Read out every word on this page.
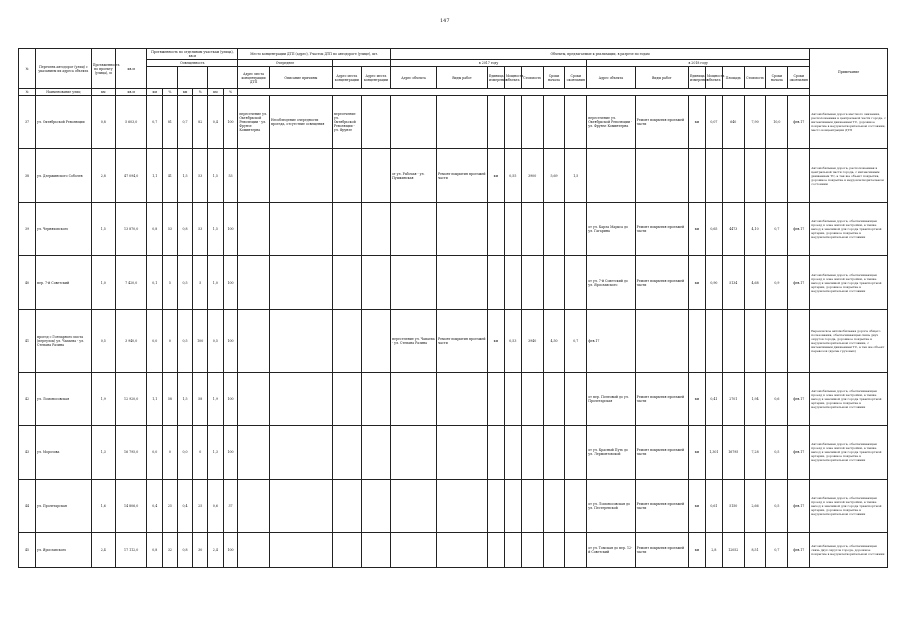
147
№	Перечень автодорог (улиц) с указанием их адреса объекта	Протяженность по проекту (улица), м	кв.м	Протяженность по отдельным участкам (улица), кв.м						Место концентрации ДТП (адрес), Участок ДТП по автодороге (улице), шт.				Объекты, предлагаемые к реализации, в разрезе по годам															Примечание
				Освещенность						Очереднее				в 2017 году							в 2018 году								
										Адрес места концентрации ДТП	Описание причины	Адрес места концентрации	Адрес места концентрации	Адрес объекта	Виды работ	Единица измерения	Мощность объекта	Стоимость	Сроки начала	Сроки окончания	Адрес объекта	Виды работ	Единица измерения	Мощность объекта	Площадь	Стоимость	Сроки начала	Сроки окончания	
№	Наименование улиц	км	кв.м	км	%	км	%	км	%																				
37	ул. Октябрьской Революции	0,8	5 603,0	0,7	81	0,7	82	0,4	100	пересечение ул. Октябрьской Революции - ул. Фрунзе Коминтерна	Несоблюдение очередности проезда, отсутствие освещения	пересечение ул. Октябрьской Революции - ул. Фрунзе									пересечение ул. Октябрьской Революции - ул. Фрунзе Коминтерна	Ремонт покрытия проезжей части	км	0,07	640	7,90	10,0	фев.17	Автомобильная дорога местного значения, расположенная в центральной части города, с интенсивным движением ТС, дорожное покрытие в неудовлетворительном состоянии, место концентрации ДТП
38	ул. Дзержинского Соболев	2,8	47 094,0	1,1	41	1,5	53	1,5	53					от ул. Рабочая - ул. Пушкинская	Ремонт покрытия проезжей части	км	0,55	3900	5,69	1,5									Автомобильная дорога, расположенная в центральной части города, с интенсивным движением ТС, а так же объект покрытия, дорожное покрытие в неудовлетворительном состоянии
39	ул. Черняховского	1,5	13 870,0	0,8	53	0,8	53	1,5	100												от ул. Карла Маркса до ул. Гагарина	Ремонт покрытия проезжей части	км	0,65	4473	4,10	0,7	фев.17	Автомобильная дорога, обеспечивающая проезд к зоне жилой застройки, а также выход к значимой для города транспортной артерии, дорожное покрытие в неудовлетворительном состоянии
40	пер. 7-й Советский	1,0	7 420,0	0,1	5	0,5	5	1,0	100												от ул. 7-й Советский до ул. Ярославского	Ремонт покрытия проезжей части	км	0,90	5134	4,68	0,9	фев.17	Автомобильная дорога, обеспечивающая проезд к зоне жилой застройки, а также выход к значимой для города транспортной артерии, дорожное покрытие в неудовлетворительном состоянии
41	проезд с Гончарного моста (переулок) ул. Чапаева - ул. Степана Разина	0,5	3 940,0	0,0	0	0,5	100	0,5	100					пересечение ул. Чапаева - ул. Степана Разина	Ремонт покрытия проезжей части	км	0,53	3940	4,50	0,7	фев.17								Березовское автомобильная дорога общего пользования, обеспечивающая связь двух округов города, дорожное покрытие в неудовлетворительном состоянии, с интенсивным движением ТС, а так же объект перевозок (кроме грузовых)
42	ул. Ломоносовская	1,9	12 920,0	1,1	58	1,5	58	1,9	100												от пер. Почтовый до ул. Пролетарская	Ремонт покрытия проезжей части	км	0,41	2701	1,94	0,6	фев.17	Автомобильная дорога, обеспечивающая проезд к зоне жилой застройки, а также выход к значимой для города транспортной артерии, дорожное покрытие в неудовлетворительном состоянии
43	ул. Морозова	1,3	16 795,0	0,0	0	0,0	0	1,3	100												от ул. Красный Путь до ул. Лермонтовской	Ремонт покрытия проезжей части	км	1,301	16795	7,28	0,5	фев.17	Автомобильная дорога, обеспечивающая проезд к зоне жилой застройки, а также выход к значимой для города транспортной артерии, дорожное покрытие в неудовлетворительном состоянии
44	ул. Пролетарская	1,6	14 806,0	0,4	25	0,4	25	0,6	37												от ул. Ломоносовская до ул. Пестеревской	Ремонт покрытия проезжей части	км	0,61	5150	2,66	0,5	фев.17	Автомобильная дорога, обеспечивающая проезд к зоне жилой застройки, а также выход к значимой для города транспортной артерии, дорожное покрытие в неудовлетворительном состоянии
45	ул. Ярославского	2,4	17 112,0	0,8	32	0,8	30	2,4	100												от ул. Томская до пер. 12-й Советский	Ремонт покрытия проезжей части	км	2,8	12052	8,51	0,7	фев.17	Автомобильная дорога, обеспечивающая связь двух округов города, дорожное покрытие в неудовлетворительном состоянии
